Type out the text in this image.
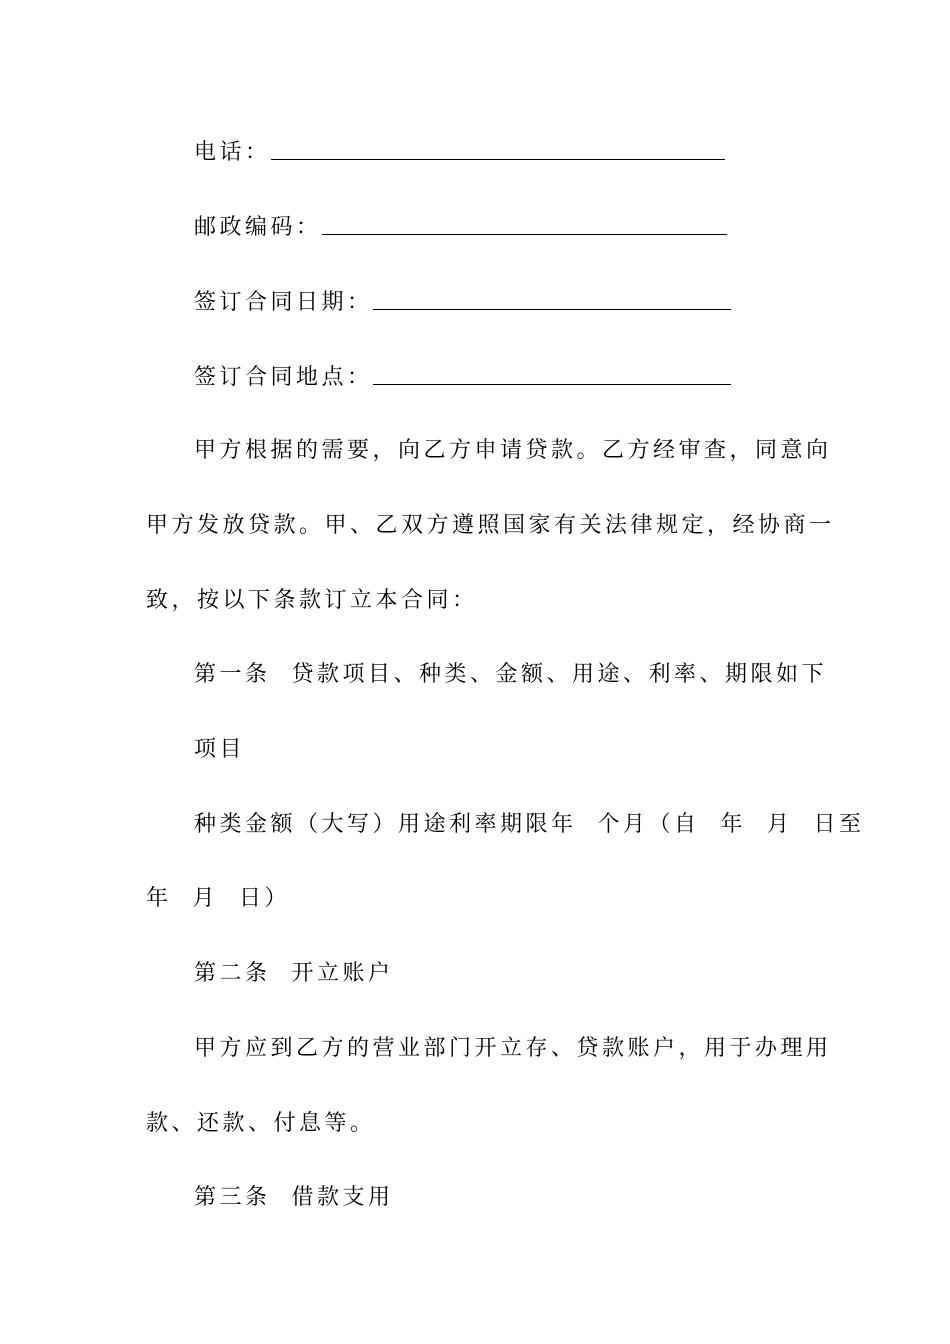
电话：
邮政编码：
签订合同日期：
签订合同地点：
甲方根据的需要，向乙方申请贷款。乙方经审查，同意向
甲方发放贷款。甲、乙双方遵照国家有关法律规定，经协商一
致，按以下条款订立本合同：
第一条  贷款项目、种类、金额、用途、利率、期限如下
项目
种类金额（大写）用途利率期限年  个月（自  年  月  日至
年  月  日）
第二条  开立账户
甲方应到乙方的营业部门开立存、贷款账户，用于办理用
款、还款、付息等。
第三条  借款支用
